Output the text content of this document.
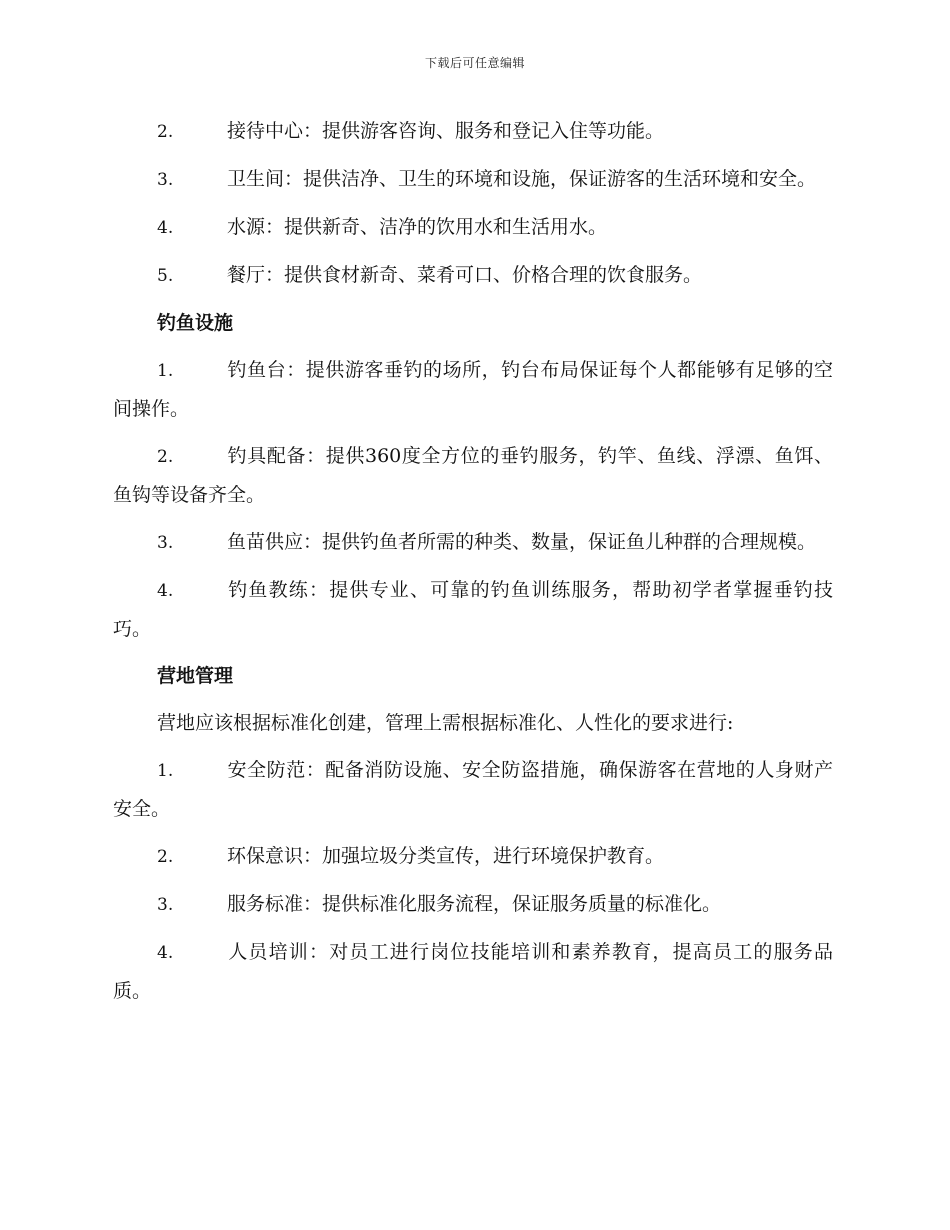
下载后可任意编辑
2.	接待中心：提供游客咨询、服务和登记入住等功能。
3.	卫生间：提供洁净、卫生的环境和设施，保证游客的生活环境和安全。
4.	水源：提供新奇、洁净的饮用水和生活用水。
5.	餐厅：提供食材新奇、菜肴可口、价格合理的饮食服务。
钓鱼设施
1.	钓鱼台：提供游客垂钓的场所，钓台布局保证每个人都能够有足够的空间操作。
2.	钓具配备：提供360度全方位的垂钓服务，钓竿、鱼线、浮漂、鱼饵、鱼钩等设备齐全。
3.	鱼苗供应：提供钓鱼者所需的种类、数量，保证鱼儿种群的合理规模。
4.	钓鱼教练：提供专业、可靠的钓鱼训练服务，帮助初学者掌握垂钓技巧。
营地管理
营地应该根据标准化创建，管理上需根据标准化、人性化的要求进行:
1.	安全防范：配备消防设施、安全防盗措施，确保游客在营地的人身财产安全。
2.	环保意识：加强垃圾分类宣传，进行环境保护教育。
3.	服务标准：提供标准化服务流程，保证服务质量的标准化。
4.	人员培训：对员工进行岗位技能培训和素养教育，提高员工的服务品质。
